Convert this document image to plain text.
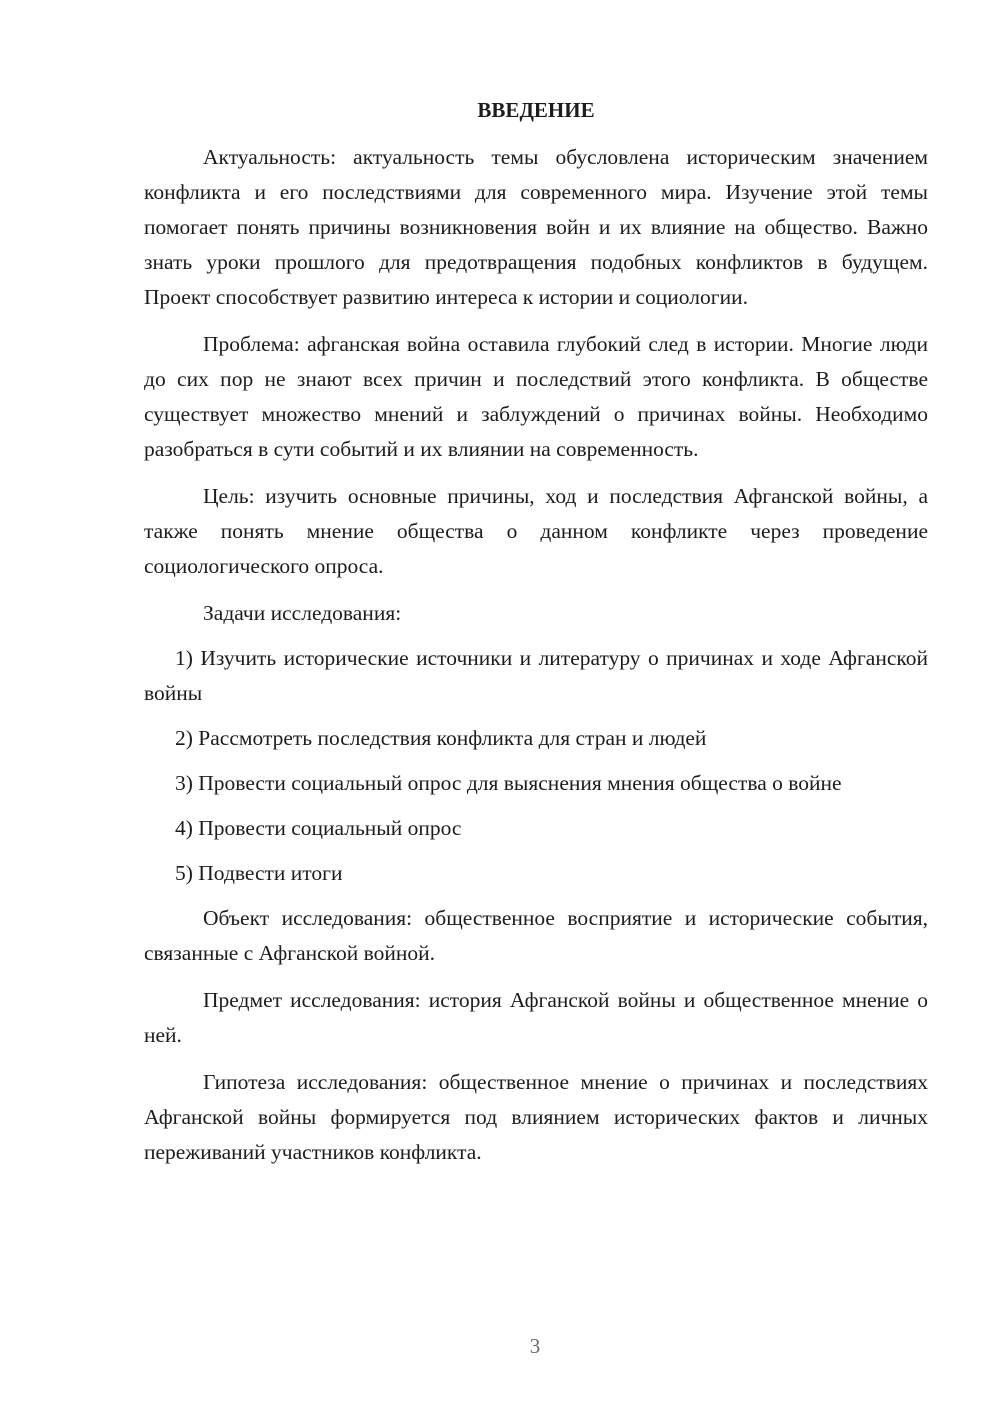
ВВЕДЕНИЕ

Актуальность: актуальность темы обусловлена историческим значением конфликта и его последствиями для современного мира. Изучение этой темы помогает понять причины возникновения войн и их влияние на общество. Важно знать уроки прошлого для предотвращения подобных конфликтов в будущем. Проект способствует развитию интереса к истории и социологии.

Проблема: афганская война оставила глубокий след в истории. Многие люди до сих пор не знают всех причин и последствий этого конфликта. В обществе существует множество мнений и заблуждений о причинах войны. Необходимо разобраться в сути событий и их влиянии на современность.

Цель: изучить основные причины, ход и последствия Афганской войны, а также понять мнение общества о данном конфликте через проведение социологического опроса.

Задачи исследования:

1) Изучить исторические источники и литературу о причинах и ходе Афганской войны

2) Рассмотреть последствия конфликта для стран и людей

3) Провести социальный опрос для выяснения мнения общества о войне

4) Провести социальный опрос

5) Подвести итоги

Объект исследования: общественное восприятие и исторические события, связанные с Афганской войной.

Предмет исследования: история Афганской войны и общественное мнение о ней.

Гипотеза исследования: общественное мнение о причинах и последствиях Афганской войны формируется под влиянием исторических фактов и личных переживаний участников конфликта.

3
